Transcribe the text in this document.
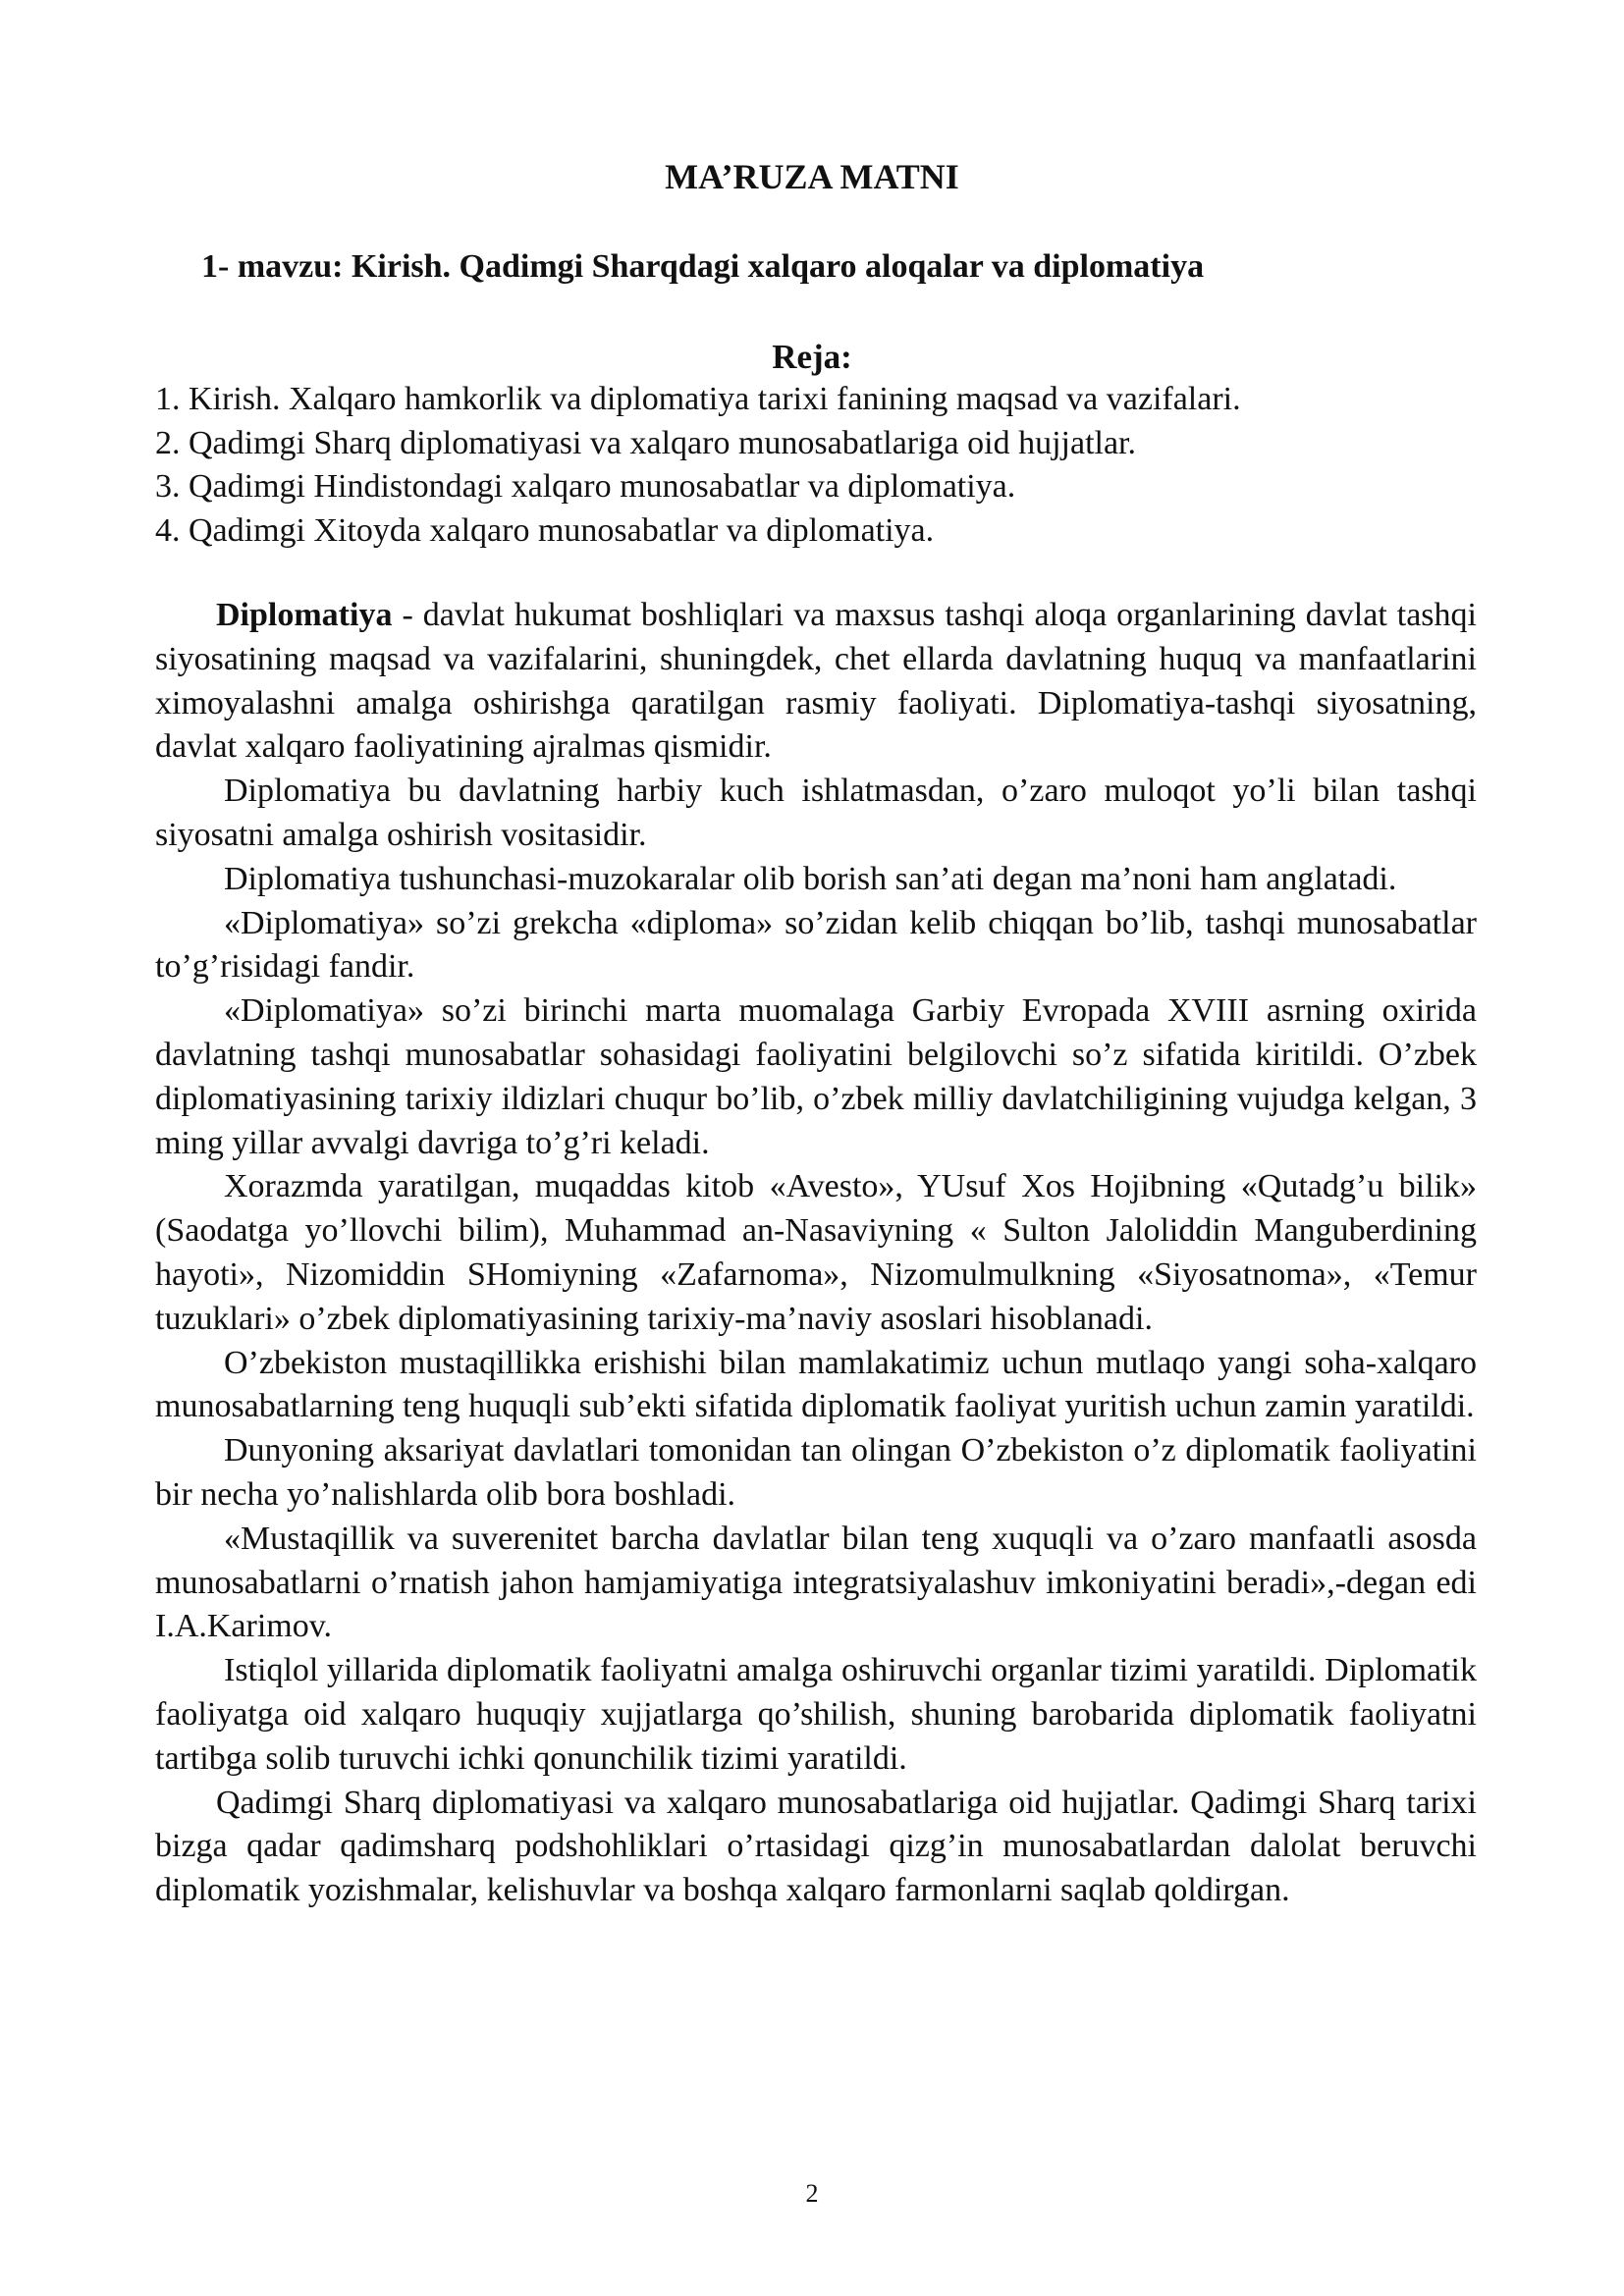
MA’RUZA MATNI
1- mavzu: Kirish. Qadimgi Sharqdagi xalqaro aloqalar va diplomatiya
Reja:
1. Kirish. Xalqaro hamkorlik va diplomatiya tarixi fanining maqsad va vazifalari.
2. Qadimgi Sharq diplomatiyasi va xalqaro munosabatlariga oid hujjatlar.
3. Qadimgi Hindistondagi xalqaro munosabatlar va diplomatiya.
4. Qadimgi Xitoyda xalqaro munosabatlar va diplomatiya.

Diplomatiya - davlat hukumat boshliqlari va maxsus tashqi aloqa organlarining davlat tashqi siyosatining maqsad va vazifalarini, shuningdek, chet ellarda davlatning huquq va manfaatlarini ximoyalashni amalga oshirishga qaratilgan rasmiy faoliyati. Diplomatiya-tashqi siyosatning, davlat xalqaro faoliyatining ajralmas qismidir.

Diplomatiya bu davlatning harbiy kuch ishlatmasdan, o’zaro muloqot yo’li bilan tashqi siyosatni amalga oshirish vositasidir.

Diplomatiya tushunchasi-muzokaralar olib borish san’ati degan ma’noni ham anglatadi.

«Diplomatiya» so’zi grekcha «diploma» so’zidan kelib chiqqan bo’lib, tashqi munosabatlar to’g’risidagi fandir.

«Diplomatiya» so’zi birinchi marta muomalaga Garbiy Evropada XVIII asrning oxirida davlatning tashqi munosabatlar sohasidagi faoliyatini belgilovchi so’z sifatida kiritildi. O’zbek diplomatiyasining tarixiy ildizlari chuqur bo’lib, o’zbek milliy davlatchiligining vujudga kelgan, 3 ming yillar avvalgi davriga to’g’ri keladi.

Xorazmda yaratilgan, muqaddas kitob «Avesto», YUsuf Xos Hojibning «Qutadg’u bilik» (Saodatga yo’llovchi bilim), Muhammad an-Nasaviyning « Sulton Jaloliddin Manguberdining hayoti», Nizomiddin SHomiyning «Zafarnoma», Nizomulmulkning «Siyosatnoma», «Temur tuzuklari» o’zbek diplomatiyasining tarixiy-ma’naviy asoslari hisoblanadi.

O’zbekiston mustaqillikka erishishi bilan mamlakatimiz uchun mutlaqo yangi soha-xalqaro munosabatlarning teng huquqli sub’ekti sifatida diplomatik faoliyat yuritish uchun zamin yaratildi.

Dunyoning aksariyat davlatlari tomonidan tan olingan O’zbekiston o’z diplomatik faoliyatini bir necha yo’nalishlarda olib bora boshladi.

«Mustaqillik va suverenitet barcha davlatlar bilan teng xuquqli va o’zaro manfaatli asosda munosabatlarni o’rnatish jahon hamjamiyatiga integratsiyalashuv imkoniyatini beradi»,-degan edi I.A.Karimov.

Istiqlol yillarida diplomatik faoliyatni amalga oshiruvchi organlar tizimi yaratildi. Diplomatik faoliyatga oid xalqaro huquqiy xujjatlarga qo’shilish, shuning barobarida diplomatik faoliyatni tartibga solib turuvchi ichki qonunchilik tizimi yaratildi.

Qadimgi Sharq diplomatiyasi va xalqaro munosabatlariga oid hujjatlar. Qadimgi Sharq tarixi bizga qadar qadimsharq podshohliklari o’rtasidagi qizg’in munosabatlardan dalolat beruvchi diplomatik yozishmalar, kelishuvlar va boshqa xalqaro farmonlarni saqlab qoldirgan.

2
